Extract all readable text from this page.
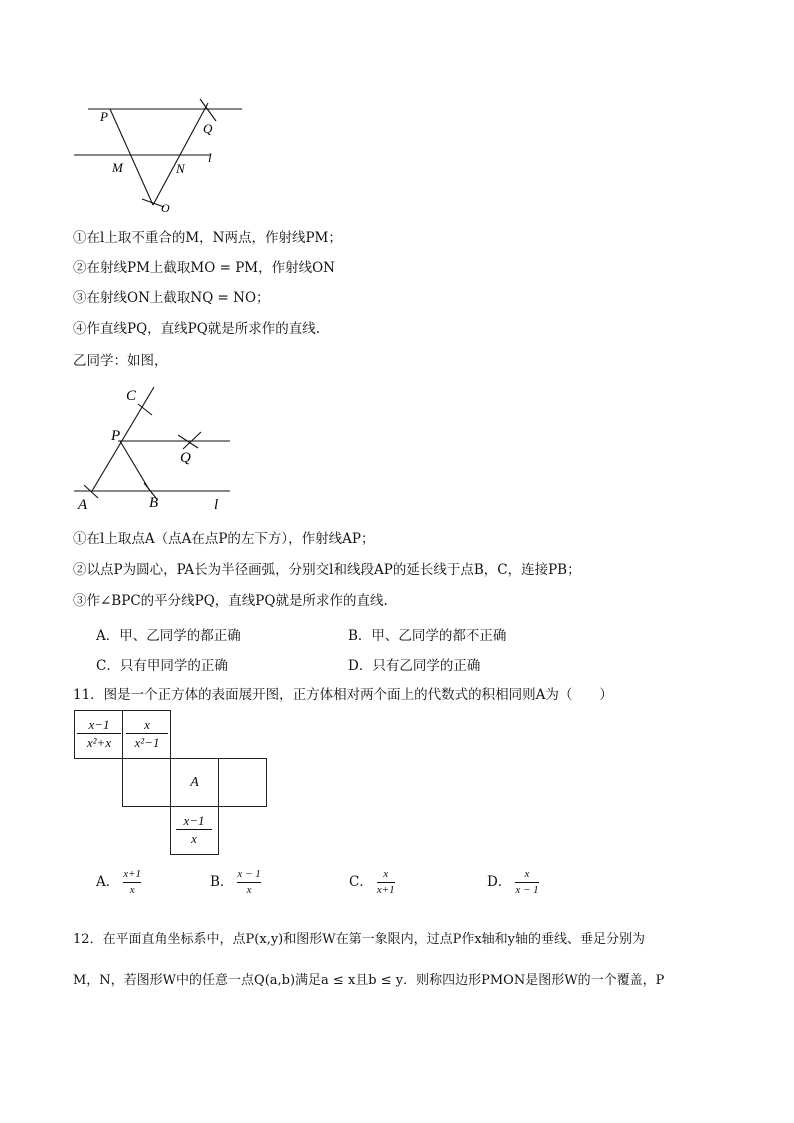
P
Q
M	N
l
O
①在l上取不重合的M，N两点，作射线PM；
②在射线PM上截取MO = PM，作射线ON
③在射线ON上截取NQ = NO；
④作直线PQ，直线PQ就是所求作的直线.
乙同学：如图，
C
P
Q
A	B	l
①在l上取点A（点A在点P的左下方），作射线AP；
②以点P为圆心，PA长为半径画弧，分别交l和线段AP的延长线于点B，C，连接PB；
③作∠BPC的平分线PQ，直线PQ就是所求作的直线.
A．甲、乙同学的都正确	B．甲、乙同学的都不正确
C．只有甲同学的正确	D．只有乙同学的正确
11．图是一个正方体的表面展开图，正方体相对两个面上的代数式的积相同则A为（　　）
x−1
x²+x
x
x²−1
A
x−1
x
A． $\frac{x+1}{x}$	B． $\frac{x - 1}{x}$	C． $\frac{x}{x+1}$	D． $\frac{x}{x - 1}$
12．在平面直角坐标系中，点P(x,y)和图形W在第一象限内，过点P作x轴和y轴的垂线、垂足分别为
M，N，若图形W中的任意一点Q(a,b)满足a ≤ x且b ≤ y．则称四边形PMON是图形W的一个覆盖，P
